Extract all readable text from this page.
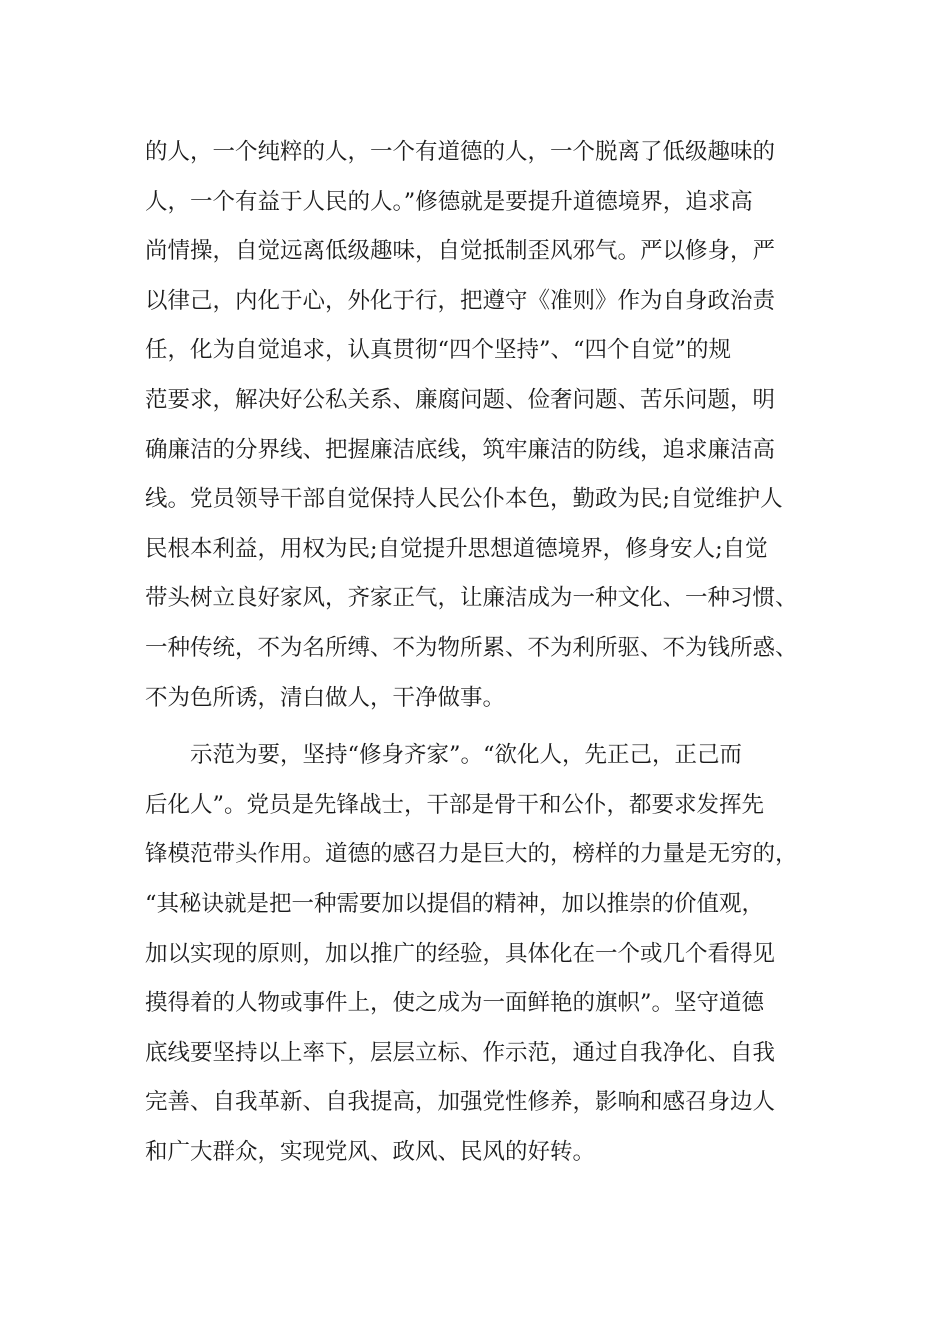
的人，一个纯粹的人，一个有道德的人，一个脱离了低级趣味的
人，一个有益于人民的人。”修德就是要提升道德境界，追求高
尚情操，自觉远离低级趣味，自觉抵制歪风邪气。严以修身，严
以律己，内化于心，外化于行，把遵守《准则》作为自身政治责
任，化为自觉追求，认真贯彻“四个坚持”、“四个自觉”的规
范要求，解决好公私关系、廉腐问题、俭奢问题、苦乐问题，明
确廉洁的分界线、把握廉洁底线，筑牢廉洁的防线，追求廉洁高
线。党员领导干部自觉保持人民公仆本色，勤政为民;自觉维护人
民根本利益，用权为民;自觉提升思想道德境界，修身安人;自觉
带头树立良好家风，齐家正气，让廉洁成为一种文化、一种习惯、
一种传统，不为名所缚、不为物所累、不为利所驱、不为钱所惑、
不为色所诱，清白做人，干净做事。
　　示范为要，坚持“修身齐家”。“欲化人，先正己，正己而
后化人”。党员是先锋战士，干部是骨干和公仆，都要求发挥先
锋模范带头作用。道德的感召力是巨大的，榜样的力量是无穷的，
“其秘诀就是把一种需要加以提倡的精神，加以推崇的价值观，
加以实现的原则，加以推广的经验，具体化在一个或几个看得见
摸得着的人物或事件上，使之成为一面鲜艳的旗帜”。坚守道德
底线要坚持以上率下，层层立标、作示范，通过自我净化、自我
完善、自我革新、自我提高，加强党性修养，影响和感召身边人
和广大群众，实现党风、政风、民风的好转。
